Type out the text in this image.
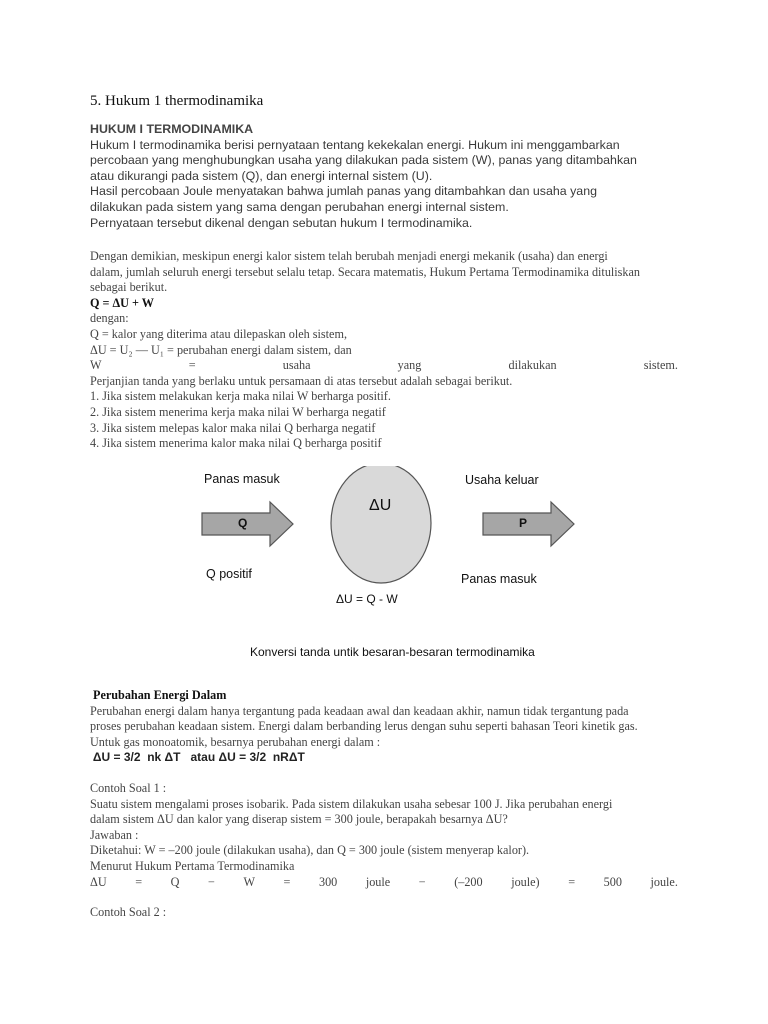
5. Hukum 1 thermodinamika
HUKUM I TERMODINAMIKA
Hukum I termodinamika berisi pernyataan tentang kekekalan energi. Hukum ini menggambarkan
percobaan yang menghubungkan usaha yang dilakukan pada sistem (W), panas yang ditambahkan
atau dikurangi pada sistem (Q), dan energi internal sistem (U).
Hasil percobaan Joule menyatakan bahwa jumlah panas yang ditambahkan dan usaha yang
dilakukan pada sistem yang sama dengan perubahan energi internal sistem.
Pernyataan tersebut dikenal dengan sebutan hukum I termodinamika.
Dengan demikian, meskipun energi kalor sistem telah berubah menjadi energi mekanik (usaha) dan energi
dalam, jumlah seluruh energi tersebut selalu tetap. Secara matematis, Hukum Pertama Termodinamika dituliskan
sebagai berikut.
Q = ΔU + W
dengan:
Q = kalor yang diterima atau dilepaskan oleh sistem,
ΔU = U₂ — U₁ = perubahan energi dalam sistem, dan
W	=	usaha	yang	dilakukan	sistem.
Perjanjian tanda yang berlaku untuk persamaan di atas tersebut adalah sebagai berikut.
1. Jika sistem melakukan kerja maka nilai W berharga positif.
2. Jika sistem menerima kerja maka nilai W berharga negatif
3. Jika sistem melepas kalor maka nilai Q berharga negatif
4. Jika sistem menerima kalor maka nilai Q berharga positif
Panas masuk	Usaha keluar
ΔU
Q	P
Q positif	Panas masuk
ΔU = Q - W
Konversi tanda untik besaran-besaran termodinamika
Perubahan Energi Dalam
Perubahan energi dalam hanya tergantung pada keadaan awal dan keadaan akhir, namun tidak tergantung pada
proses perubahan keadaan sistem. Energi dalam berbanding lerus dengan suhu seperti bahasan Teori kinetik gas.
Untuk gas monoatomik, besarnya perubahan energi dalam :
ΔU = 3/2  nk ΔT   atau ΔU = 3/2  nRΔT
Contoh Soal 1 :
Suatu sistem mengalami proses isobarik. Pada sistem dilakukan usaha sebesar 100 J. Jika perubahan energi
dalam sistem ΔU dan kalor yang diserap sistem = 300 joule, berapakah besarnya ΔU?
Jawaban :
Diketahui: W = –200 joule (dilakukan usaha), dan Q = 300 joule (sistem menyerap kalor).
Menurut Hukum Pertama Termodinamika
ΔU = Q − W = 300 joule − (–200 joule) = 500 joule.
Contoh Soal 2 :
